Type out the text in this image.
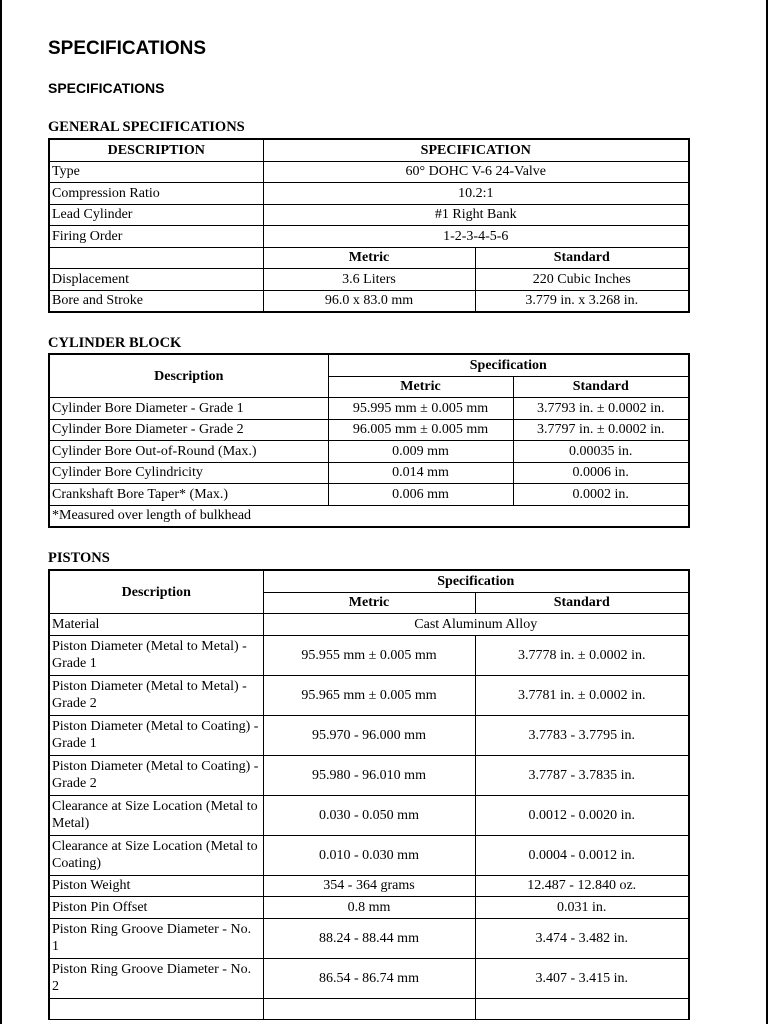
SPECIFICATIONS
SPECIFICATIONS
GENERAL SPECIFICATIONS
DESCRIPTION	SPECIFICATION	
Type	60° DOHC V-6 24-Valve	
Compression Ratio	10.2:1	
Lead Cylinder	#1 Right Bank	
Firing Order	1-2-3-4-5-6	
	Metric	Standard
Displacement	3.6 Liters	220 Cubic Inches
Bore and Stroke	96.0 x 83.0 mm	3.779 in. x 3.268 in.
CYLINDER BLOCK
Description	Specification	
	Metric	Standard
Cylinder Bore Diameter - Grade 1	95.995 mm ± 0.005 mm	3.7793 in. ± 0.0002 in.
Cylinder Bore Diameter - Grade 2	96.005 mm ± 0.005 mm	3.7797 in. ± 0.0002 in.
Cylinder Bore Out-of-Round (Max.)	0.009 mm	0.00035 in.
Cylinder Bore Cylindricity	0.014 mm	0.0006 in.
Crankshaft Bore Taper* (Max.)	0.006 mm	0.0002 in.
*Measured over length of bulkhead		
PISTONS
Description	Specification	
	Metric	Standard
Material	Cast Aluminum Alloy	
Piston Diameter (Metal to Metal) - Grade 1	95.955 mm ± 0.005 mm	3.7778 in. ± 0.0002 in.
Piston Diameter (Metal to Metal) - Grade 2	95.965 mm ± 0.005 mm	3.7781 in. ± 0.0002 in.
Piston Diameter (Metal to Coating) - Grade 1	95.970 - 96.000 mm	3.7783 - 3.7795 in.
Piston Diameter (Metal to Coating) - Grade 2	95.980 - 96.010 mm	3.7787 - 3.7835 in.
Clearance at Size Location (Metal to Metal)	0.030 - 0.050 mm	0.0012 - 0.0020 in.
Clearance at Size Location (Metal to Coating)	0.010 - 0.030 mm	0.0004 - 0.0012 in.
Piston Weight	354 - 364 grams	12.487 - 12.840 oz.
Piston Pin Offset	0.8 mm	0.031 in.
Piston Ring Groove Diameter - No. 1	88.24 - 88.44 mm	3.474 - 3.482 in.
Piston Ring Groove Diameter - No. 2	86.54 - 86.74 mm	3.407 - 3.415 in.
